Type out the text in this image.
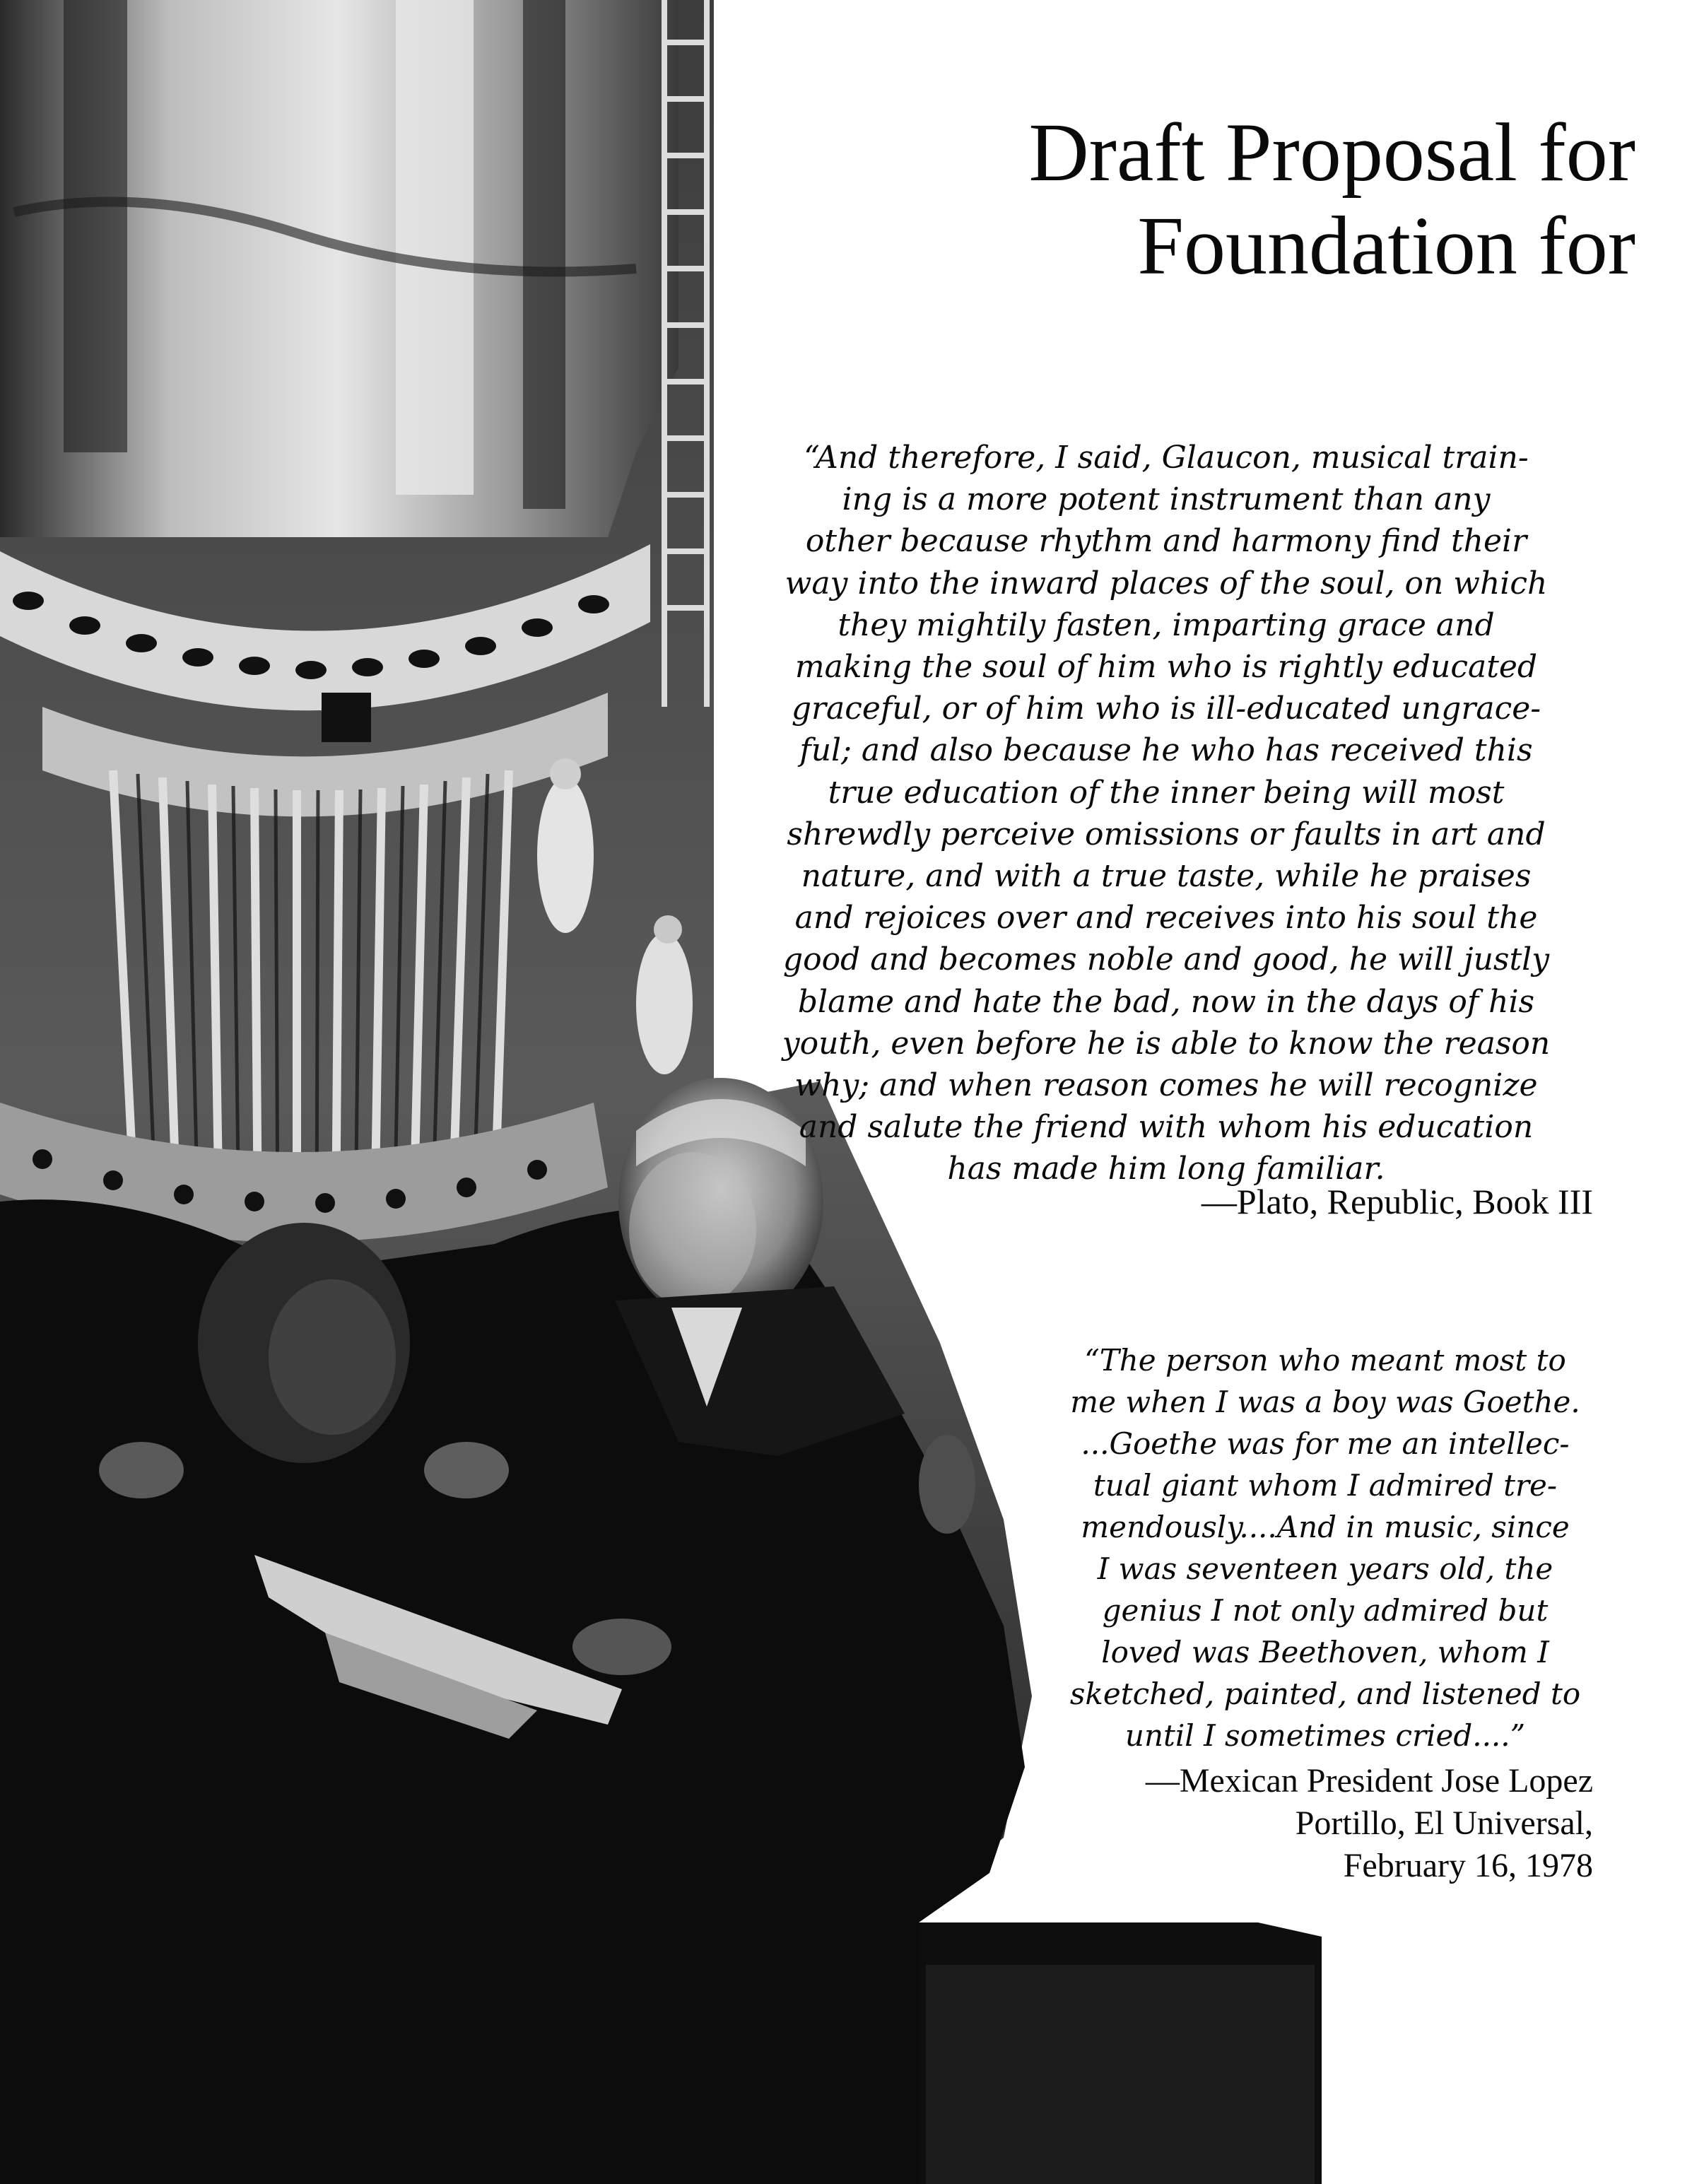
Draft Proposal for
Foundation for

“And therefore, I said, Glaucon, musical train-
ing is a more potent instrument than any
other because rhythm and harmony find their
way into the inward places of the soul, on which
they mightily fasten, imparting grace and
making the soul of him who is rightly educated
graceful, or of him who is ill-educated ungrace-
ful; and also because he who has received this
true education of the inner being will most
shrewdly perceive omissions or faults in art and
nature, and with a true taste, while he praises
and rejoices over and receives into his soul the
good and becomes noble and good, he will justly
blame and hate the bad, now in the days of his
youth, even before he is able to know the reason
why; and when reason comes he will recognize
and salute the friend with whom his education
has made him long familiar.

—Plato, Republic, Book III

“The person who meant most to
me when I was a boy was Goethe.
...Goethe was for me an intellec-
tual giant whom I admired tre-
mendously....And in music, since
I was seventeen years old, the
genius I not only admired but
loved was Beethoven, whom I
sketched, painted, and listened to
until I sometimes cried....”

—Mexican President Jose Lopez
Portillo, El Universal,
February 16, 1978
